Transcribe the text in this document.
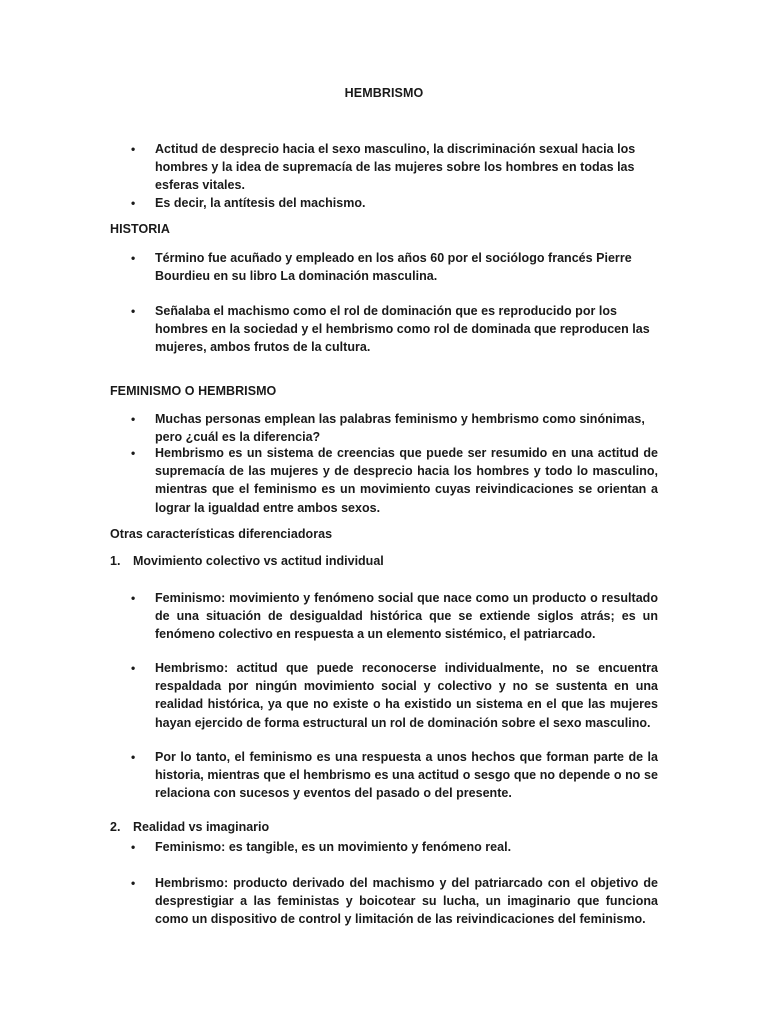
HEMBRISMO
• Actitud de desprecio hacia el sexo masculino, la discriminación sexual hacia los hombres y la idea de supremacía de las mujeres sobre los hombres en todas las esferas vitales.
• Es decir, la antítesis del machismo.
HISTORIA
• Término fue acuñado y empleado en los años 60 por el sociólogo francés Pierre Bourdieu en su libro La dominación masculina.
• Señalaba el machismo como el rol de dominación que es reproducido por los hombres en la sociedad y el hembrismo como rol de dominada que reproducen las mujeres, ambos frutos de la cultura.
FEMINISMO O HEMBRISMO
• Muchas personas emplean las palabras feminismo y hembrismo como sinónimas, pero ¿cuál es la diferencia?
• Hembrismo es un sistema de creencias que puede ser resumido en una actitud de supremacía de las mujeres y de desprecio hacia los hombres y todo lo masculino, mientras que el feminismo es un movimiento cuyas reivindicaciones se orientan a lograr la igualdad entre ambos sexos.
Otras características diferenciadoras
1. Movimiento colectivo vs actitud individual
• Feminismo: movimiento y fenómeno social que nace como un producto o resultado de una situación de desigualdad histórica que se extiende siglos atrás; es un fenómeno colectivo en respuesta a un elemento sistémico, el patriarcado.
• Hembrismo: actitud que puede reconocerse individualmente, no se encuentra respaldada por ningún movimiento social y colectivo y no se sustenta en una realidad histórica, ya que no existe o ha existido un sistema en el que las mujeres hayan ejercido de forma estructural un rol de dominación sobre el sexo masculino.
• Por lo tanto, el feminismo es una respuesta a unos hechos que forman parte de la historia, mientras que el hembrismo es una actitud o sesgo que no depende o no se relaciona con sucesos y eventos del pasado o del presente.
2. Realidad vs imaginario
• Feminismo: es tangible, es un movimiento y fenómeno real.
• Hembrismo: producto derivado del machismo y del patriarcado con el objetivo de desprestigiar a las feministas y boicotear su lucha, un imaginario que funciona como un dispositivo de control y limitación de las reivindicaciones del feminismo.
